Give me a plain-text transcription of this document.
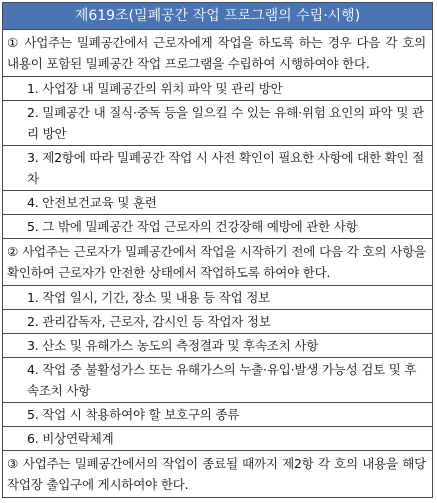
제619조(밀폐공간 작업 프로그램의 수립·시행)
① 사업주는 밀폐공간에서 근로자에게 작업을 하도록 하는 경우 다음 각 호의 내용이 포함된 밀폐공간 작업 프로그램을 수립하여 시행하여야 한다.
1. 사업장 내 밀폐공간의 위치 파악 및 관리 방안
2. 밀폐공간 내 질식·중독 등을 일으킬 수 있는 유해·위험 요인의 파악 및 관리 방안
3. 제2항에 따라 밀폐공간 작업 시 사전 확인이 필요한 사항에 대한 확인 절차
4. 안전보건교육 및 훈련
5. 그 밖에 밀폐공간 작업 근로자의 건강장해 예방에 관한 사항
② 사업주는 근로자가 밀폐공간에서 작업을 시작하기 전에 다음 각 호의 사항을 확인하여 근로자가 안전한 상태에서 작업하도록 하여야 한다.
1. 작업 일시, 기간, 장소 및 내용 등 작업 정보
2. 관리감독자, 근로자, 감시인 등 작업자 정보
3. 산소 및 유해가스 농도의 측정결과 및 후속조치 사항
4. 작업 중 불활성가스 또는 유해가스의 누출·유입·발생 가능성 검토 및 후속조치 사항
5. 작업 시 착용하여야 할 보호구의 종류
6. 비상연락체계
③ 사업주는 밀폐공간에서의 작업이 종료될 때까지 제2항 각 호의 내용을 해당 작업장 출입구에 게시하여야 한다.
